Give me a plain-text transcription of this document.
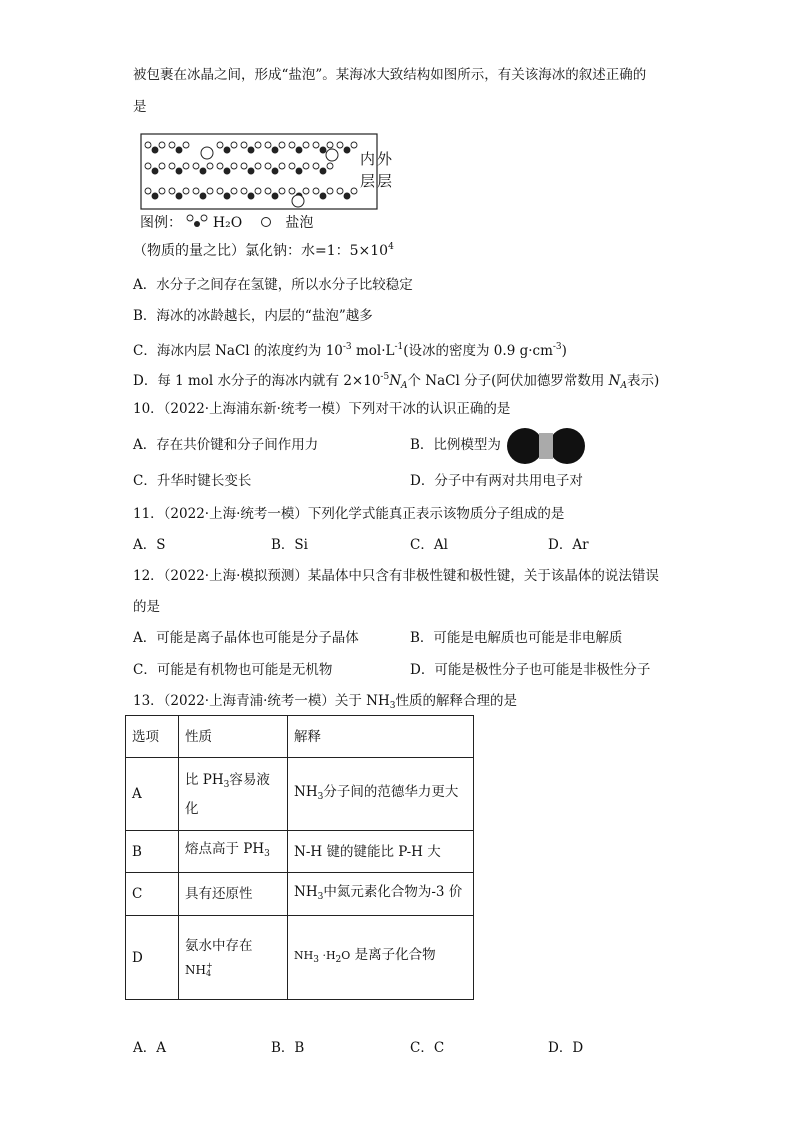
被包裹在冰晶之间，形成“盐泡”。某海冰大致结构如图所示，有关该海冰的叙述正确的
是
内 外
层 层
图例： H₂O	盐泡
（物质的量之比）氯化钠：水=1：$5\times 10^4$
A．水分子之间存在氢键，所以水分子比较稳定
B．海冰的冰龄越长，内层的“盐泡”越多
C．海冰内层 NaCl 的浓度约为 $10^{-3}$ $mol\cdot L^{-1}$(设冰的密度为 0.9 $g\cdot cm^{-3}$)
D．每 1 mol 水分子的海冰内就有 $2\times 10^{-5}N_A$个 NaCl 分子(阿伏加德罗常数用 $N_A$表示)
10．（2022·上海浦东新·统考一模）下列对干冰的认识正确的是
A．存在共价键和分子间作用力	B．比例模型为
C．升华时键长变长	D．分子中有两对共用电子对
11．（2022·上海·统考一模）下列化学式能真正表示该物质分子组成的是
A．S	B．Si	C．Al	D．Ar
12．（2022·上海·模拟预测）某晶体中只含有非极性键和极性键，关于该晶体的说法错误
的是
A．可能是离子晶体也可能是分子晶体	B．可能是电解质也可能是非电解质
C．可能是有机物也可能是无机物	D．可能是极性分子也可能是非极性分子
13．（2022·上海青浦·统考一模）关于 $NH_3$性质的解释合理的是
选项	性质	解释
A	比 $PH_3$容易液
化	$NH_3$分子间的范德华力更大
B	熔点高于 $PH_3$	N-H 键的键能比 P-H 大
C	具有还原性	$NH_3$中氮元素化合物为-3 价
D	氨水中存在
NH+
4	$NH_3 \cdot H_2O$ 是离子化合物
A．A	B．B	C．C	D．D
